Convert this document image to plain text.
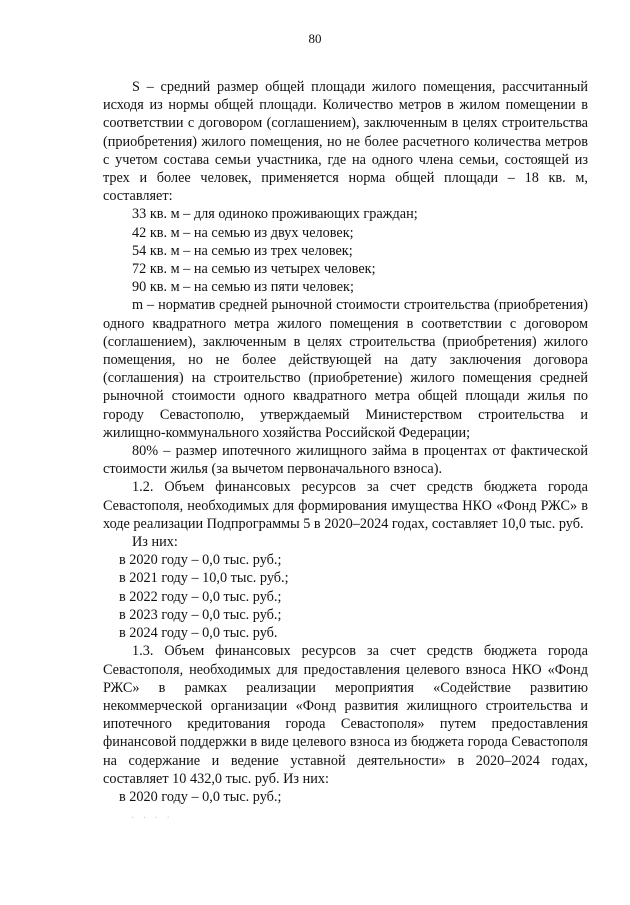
80

S – средний размер общей площади жилого помещения, рассчитанный исходя из нормы общей площади. Количество метров в жилом помещении в соответствии с договором (соглашением), заключенным в целях строительства (приобретения) жилого помещения, но не более расчетного количества метров с учетом состава семьи участника, где на одного члена семьи, состоящей из трех и более человек, применяется норма общей площади – 18 кв. м, составляет:

33 кв. м – для одиноко проживающих граждан;

42 кв. м – на семью из двух человек;

54 кв. м – на семью из трех человек;

72 кв. м – на семью из четырех человек;

90 кв. м – на семью из пяти человек;

m – норматив средней рыночной стоимости строительства (приобретения) одного квадратного метра жилого помещения в соответствии с договором (соглашением), заключенным в целях строительства (приобретения) жилого помещения, но не более действующей на дату заключения договора (соглашения) на строительство (приобретение) жилого помещения средней рыночной стоимости одного квадратного метра общей площади жилья по городу Севастополю, утверждаемый Министерством строительства и жилищно-коммунального хозяйства Российской Федерации;

80% – размер ипотечного жилищного займа в процентах от фактической стоимости жилья (за вычетом первоначального взноса).

1.2. Объем финансовых ресурсов за счет средств бюджета города Севастополя, необходимых для формирования имущества НКО «Фонд РЖС» в ходе реализации Подпрограммы 5 в 2020–2024 годах, составляет 10,0 тыс. руб.

Из них:

в 2020 году – 0,0 тыс. руб.;

в 2021 году – 10,0 тыс. руб.;

в 2022 году – 0,0 тыс. руб.;

в 2023 году – 0,0 тыс. руб.;

в 2024 году – 0,0 тыс. руб.

1.3. Объем финансовых ресурсов за счет средств бюджета города Севастополя, необходимых для предоставления целевого взноса НКО «Фонд РЖС» в рамках реализации мероприятия «Содействие развитию некоммерческой организации «Фонд развития жилищного строительства и ипотечного кредитования города Севастополя» путем предоставления финансовой поддержки в виде целевого взноса из бюджета города Севастополя на содержание и ведение уставной деятельности» в 2020–2024 годах, составляет 10 432,0 тыс. руб. Из них:

в 2020 году – 0,0 тыс. руб.;

· · · ·
